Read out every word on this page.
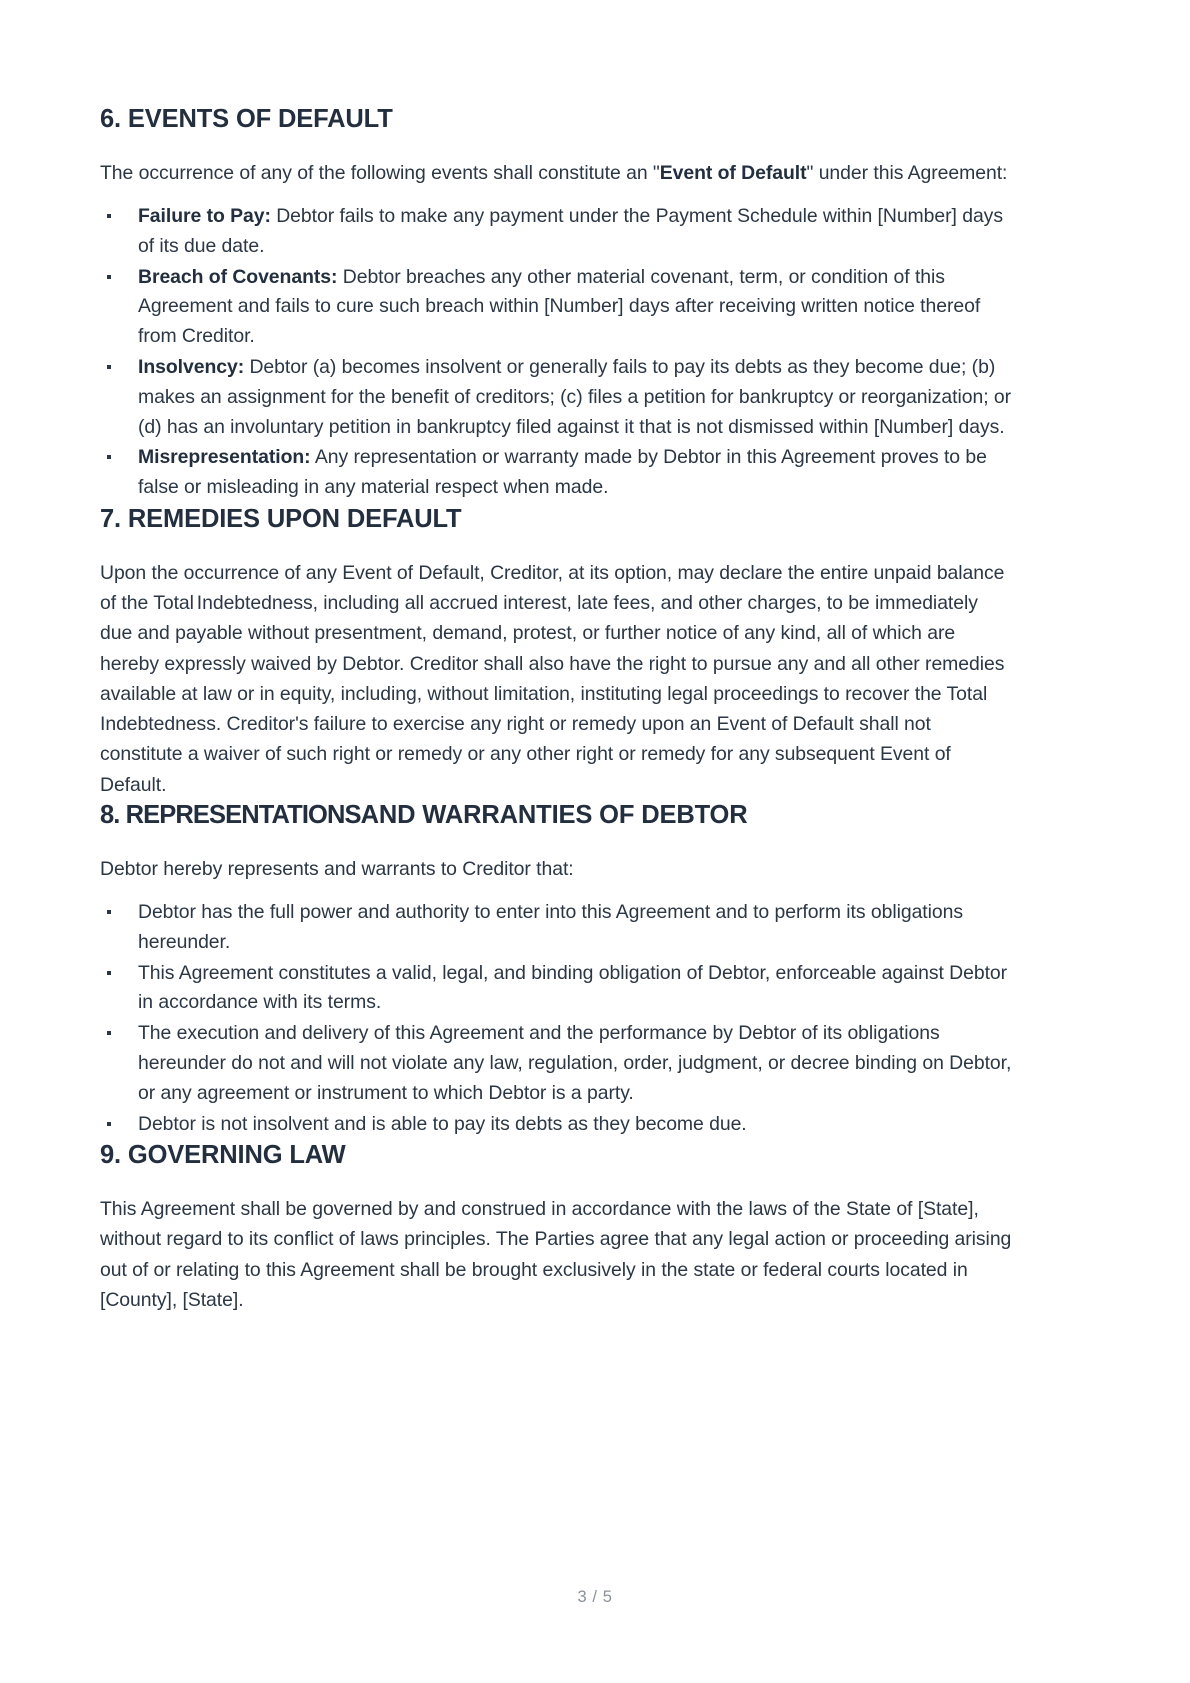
6. EVENTS OF DEFAULT

The occurrence of any of the following events shall constitute an "Event of Default" under this Agreement:

Failure to Pay: Debtor fails to make any payment under the Payment Schedule within [Number] days of its due date.
Breach of Covenants: Debtor breaches any other material covenant, term, or condition of this Agreement and fails to cure such breach within [Number] days after receiving written notice thereof from Creditor.
Insolvency: Debtor (a) becomes insolvent or generally fails to pay its debts as they become due; (b) makes an assignment for the benefit of creditors; (c) files a petition for bankruptcy or reorganization; or (d) has an involuntary petition in bankruptcy filed against it that is not dismissed within [Number] days.
Misrepresentation: Any representation or warranty made by Debtor in this Agreement proves to be false or misleading in any material respect when made.
7. REMEDIES UPON DEFAULT

Upon the occurrence of any Event of Default, Creditor, at its option, may declare the entire unpaid balance of the Total Indebtedness, including all accrued interest, late fees, and other charges, to be immediately due and payable without presentment, demand, protest, or further notice of any kind, all of which are hereby expressly waived by Debtor. Creditor shall also have the right to pursue any and all other remedies available at law or in equity, including, without limitation, instituting legal proceedings to recover the Total Indebtedness. Creditor's failure to exercise any right or remedy upon an Event of Default shall not constitute a waiver of such right or remedy or any other right or remedy for any subsequent Event of Default.

8. REPRESENTATIONSAND WARRANTIES OF DEBTOR

Debtor hereby represents and warrants to Creditor that:

Debtor has the full power and authority to enter into this Agreement and to perform its obligations hereunder.
This Agreement constitutes a valid, legal, and binding obligation of Debtor, enforceable against Debtor in accordance with its terms.
The execution and delivery of this Agreement and the performance by Debtor of its obligations hereunder do not and will not violate any law, regulation, order, judgment, or decree binding on Debtor, or any agreement or instrument to which Debtor is a party.
Debtor is not insolvent and is able to pay its debts as they become due.
9. GOVERNING LAW

This Agreement shall be governed by and construed in accordance with the laws of the State of [State], without regard to its conflict of laws principles. The Parties agree that any legal action or proceeding arising out of or relating to this Agreement shall be brought exclusively in the state or federal courts located in [County], [State].

3 / 5
